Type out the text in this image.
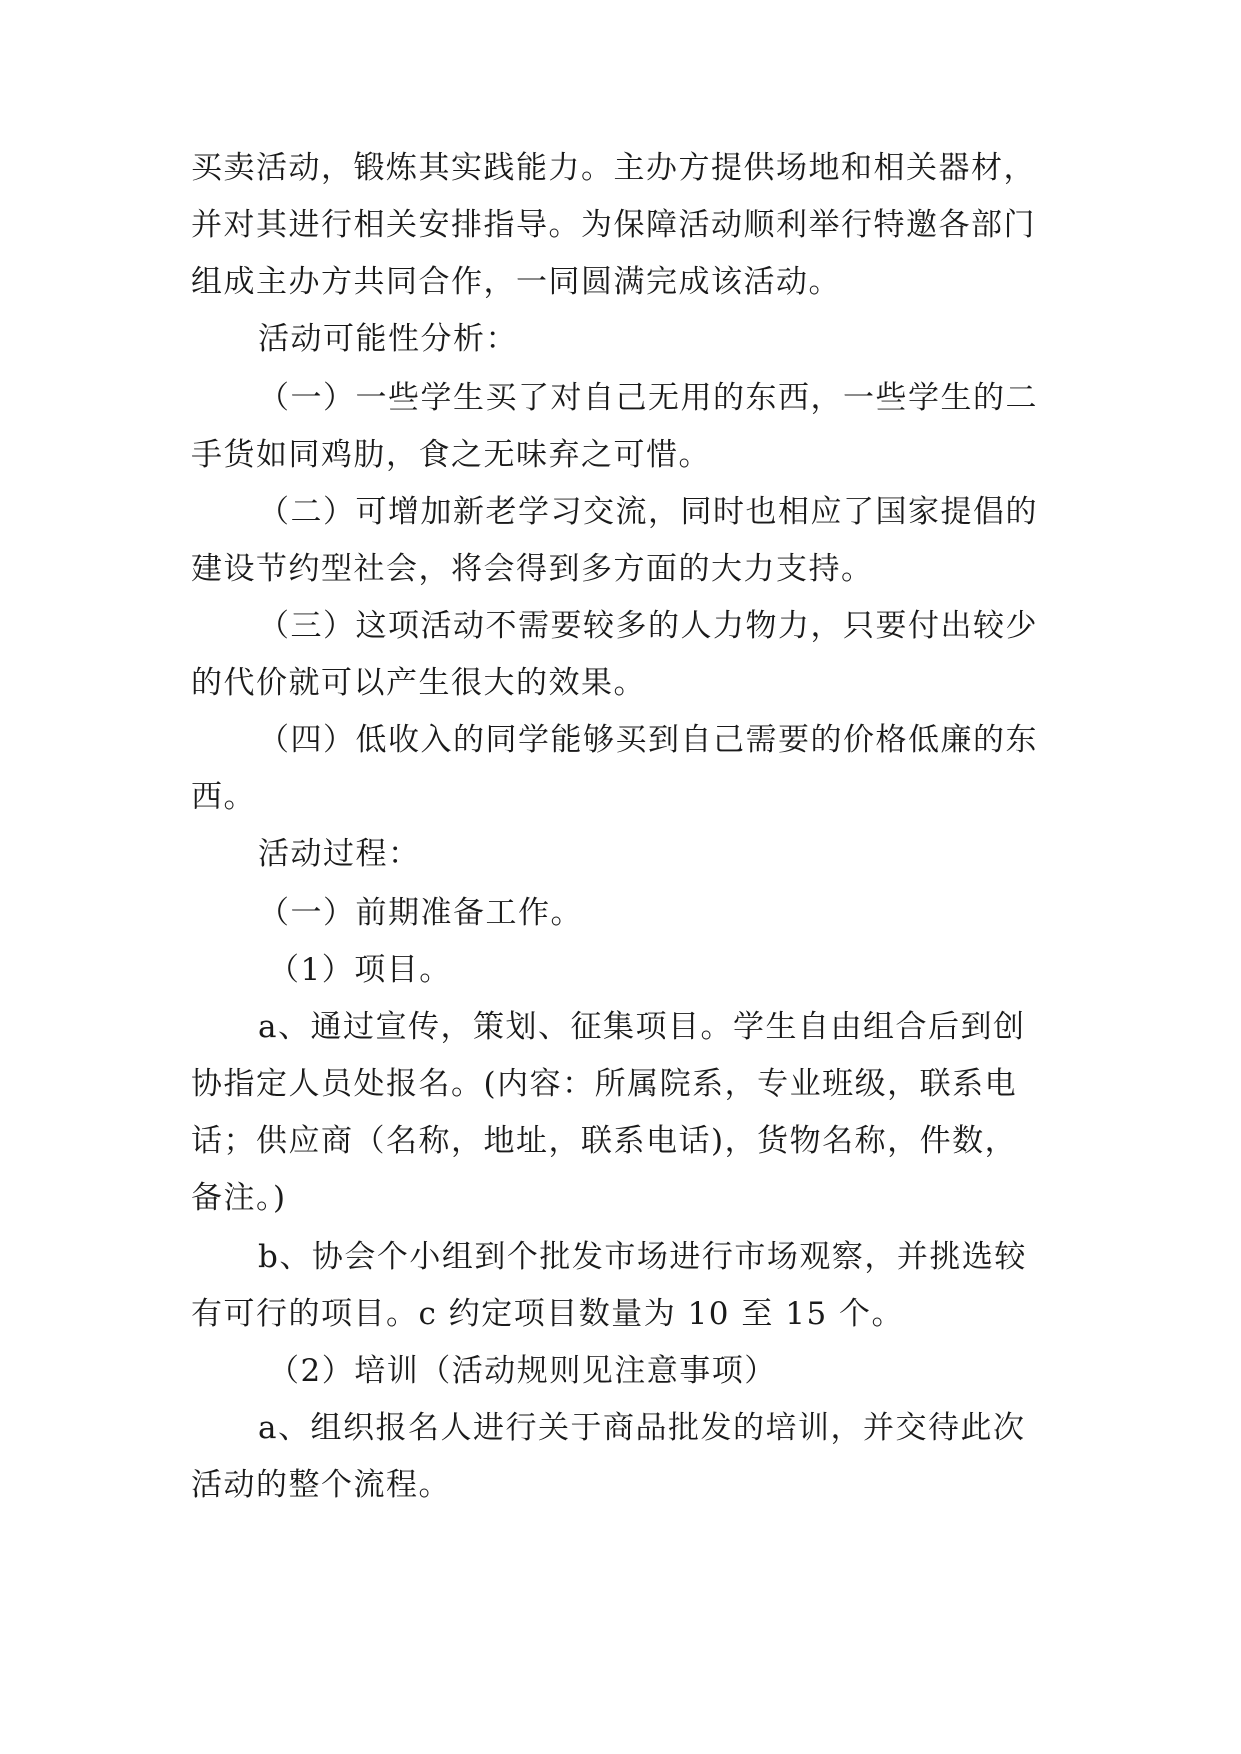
买卖活动，锻炼其实践能力。主办方提供场地和相关器材，
并对其进行相关安排指导。为保障活动顺利举行特邀各部门
组成主办方共同合作，一同圆满完成该活动。
活动可能性分析：
（一）一些学生买了对自己无用的东西，一些学生的二
手货如同鸡肋，食之无味弃之可惜。
（二）可增加新老学习交流，同时也相应了国家提倡的
建设节约型社会，将会得到多方面的大力支持。
（三）这项活动不需要较多的人力物力，只要付出较少
的代价就可以产生很大的效果。
（四）低收入的同学能够买到自己需要的价格低廉的东
西。
活动过程：
（一）前期准备工作。
（1）项目。
a、通过宣传，策划、征集项目。学生自由组合后到创
协指定人员处报名。(内容：所属院系，专业班级，联系电
话；供应商（名称，地址，联系电话)，货物名称，件数，
备注。)
b、协会个小组到个批发市场进行市场观察，并挑选较
有可行的项目。c 约定项目数量为 10 至 15 个。
（2）培训（活动规则见注意事项）
a、组织报名人进行关于商品批发的培训，并交待此次
活动的整个流程。
